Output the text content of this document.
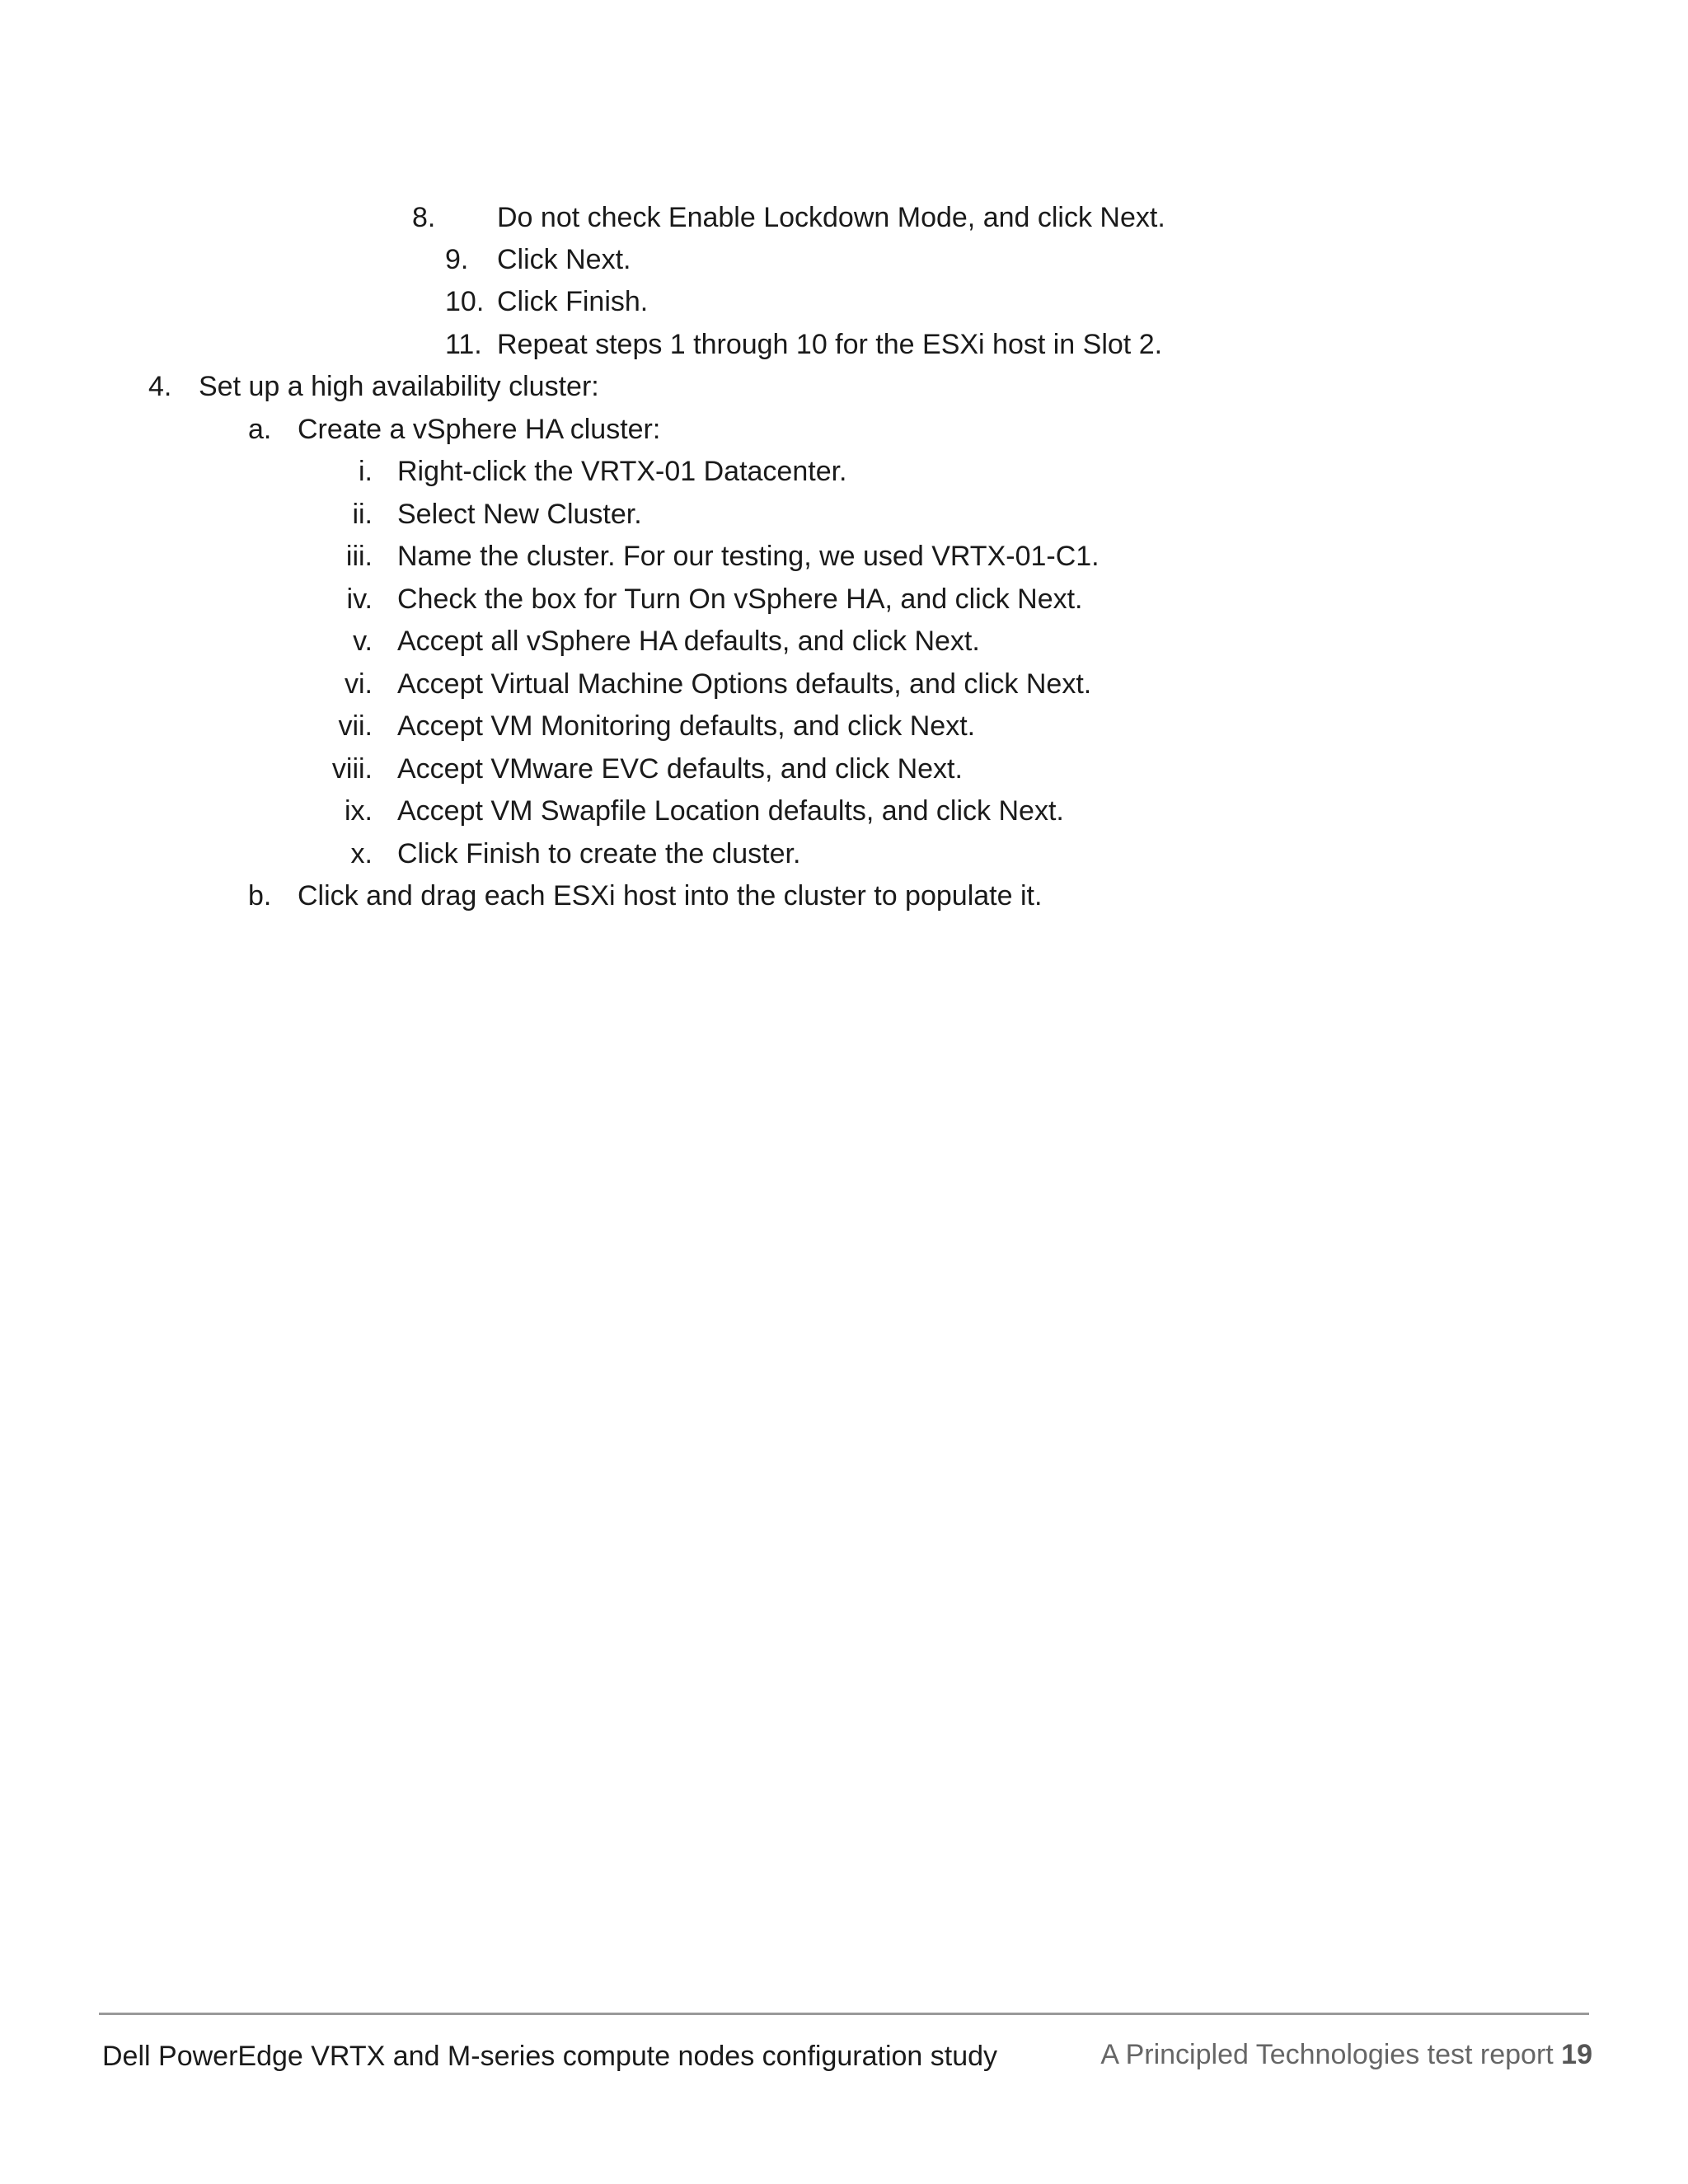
8.	Do not check Enable Lockdown Mode, and click Next.
9.	Click Next.
10. Click Finish.
11. Repeat steps 1 through 10 for the ESXi host in Slot 2.
4. Set up a high availability cluster:
a. Create a vSphere HA cluster:
i. Right-click the VRTX-01 Datacenter.
ii. Select New Cluster.
iii. Name the cluster. For our testing, we used VRTX-01-C1.
iv. Check the box for Turn On vSphere HA, and click Next.
v. Accept all vSphere HA defaults, and click Next.
vi. Accept Virtual Machine Options defaults, and click Next.
vii. Accept VM Monitoring defaults, and click Next.
viii. Accept VMware EVC defaults, and click Next.
ix. Accept VM Swapfile Location defaults, and click Next.
x. Click Finish to create the cluster.
b. Click and drag each ESXi host into the cluster to populate it.
Dell PowerEdge VRTX and M-series compute nodes configuration study	A Principled Technologies test report 19
